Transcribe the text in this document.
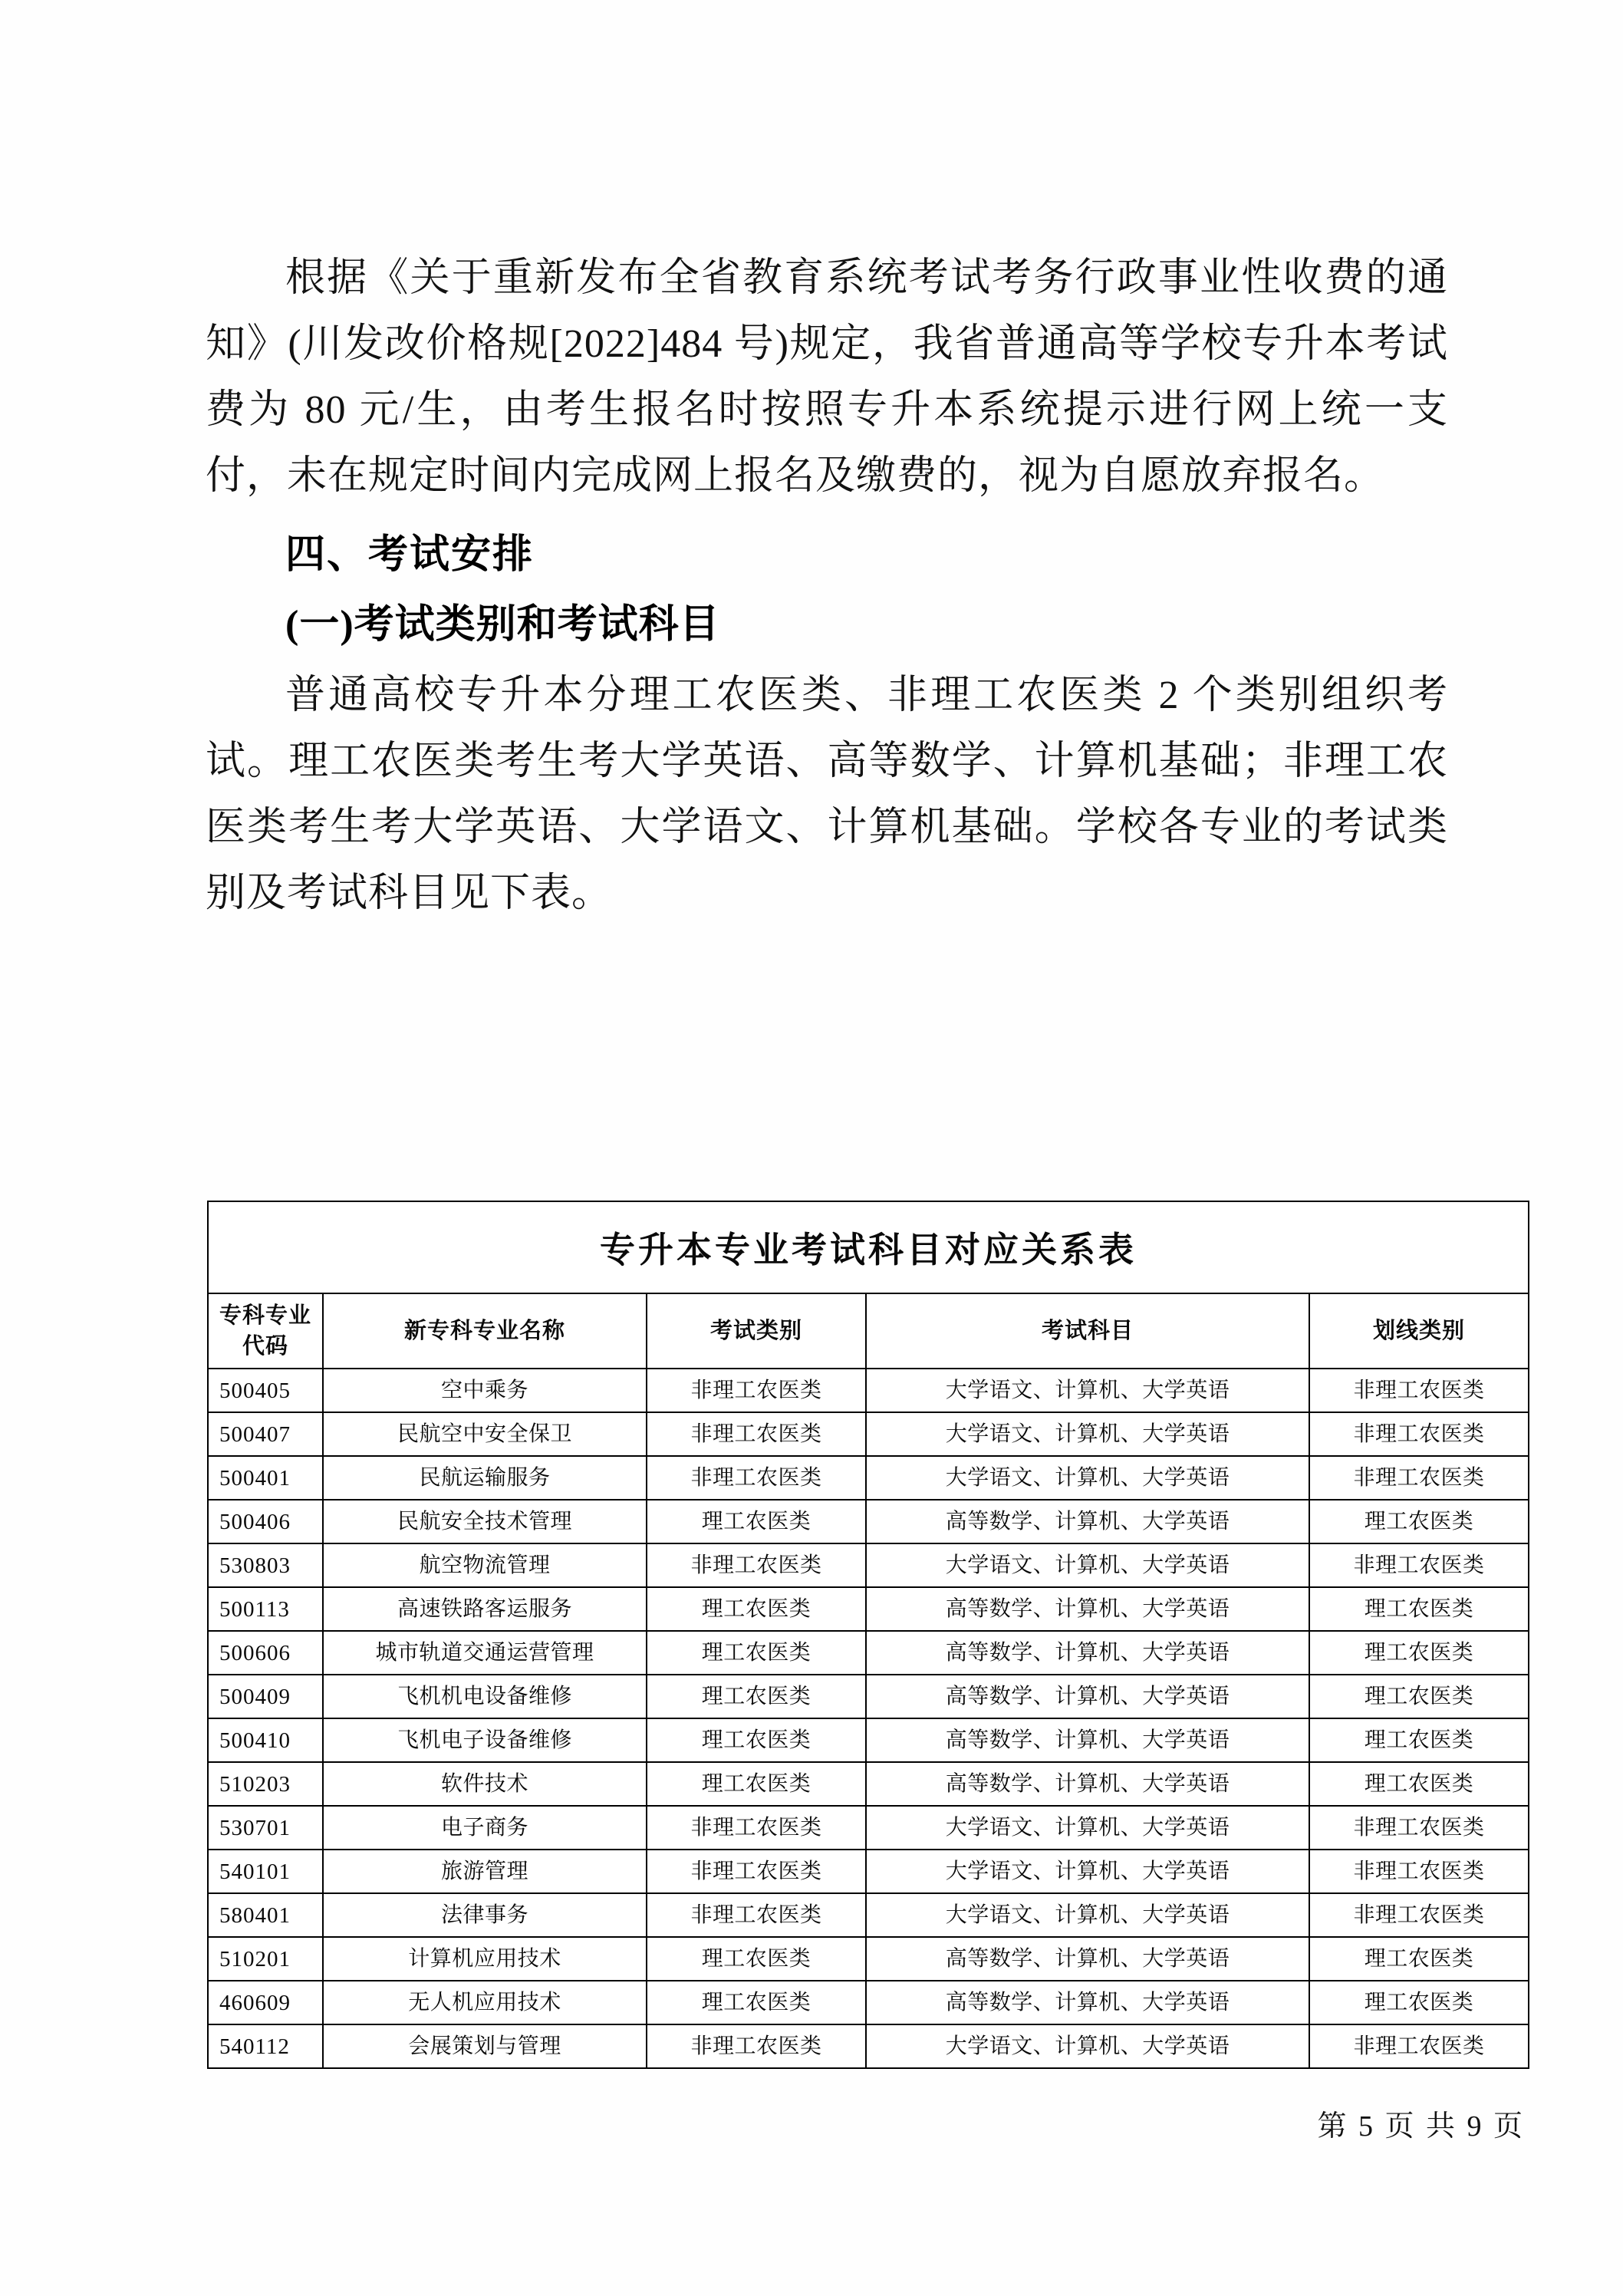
根据《关于重新发布全省教育系统考试考务行政事业性收费的通知》(川发改价格规[2022]484 号)规定，我省普通高等学校专升本考试费为 80 元/生，由考生报名时按照专升本系统提示进行网上统一支付，未在规定时间内完成网上报名及缴费的，视为自愿放弃报名。

四、考试安排
(一)考试类别和考试科目

普通高校专升本分理工农医类、非理工农医类 2 个类别组织考试。理工农医类考生考大学英语、高等数学、计算机基础；非理工农医类考生考大学英语、大学语文、计算机基础。学校各专业的考试类别及考试科目见下表。

专升本专业考试科目对应关系表				
专科专业代码	新专科专业名称	考试类别	考试科目	划线类别
500405	空中乘务	非理工农医类	大学语文、计算机、大学英语	非理工农医类
500407	民航空中安全保卫	非理工农医类	大学语文、计算机、大学英语	非理工农医类
500401	民航运输服务	非理工农医类	大学语文、计算机、大学英语	非理工农医类
500406	民航安全技术管理	理工农医类	高等数学、计算机、大学英语	理工农医类
530803	航空物流管理	非理工农医类	大学语文、计算机、大学英语	非理工农医类
500113	高速铁路客运服务	理工农医类	高等数学、计算机、大学英语	理工农医类
500606	城市轨道交通运营管理	理工农医类	高等数学、计算机、大学英语	理工农医类
500409	飞机机电设备维修	理工农医类	高等数学、计算机、大学英语	理工农医类
500410	飞机电子设备维修	理工农医类	高等数学、计算机、大学英语	理工农医类
510203	软件技术	理工农医类	高等数学、计算机、大学英语	理工农医类
530701	电子商务	非理工农医类	大学语文、计算机、大学英语	非理工农医类
540101	旅游管理	非理工农医类	大学语文、计算机、大学英语	非理工农医类
580401	法律事务	非理工农医类	大学语文、计算机、大学英语	非理工农医类
510201	计算机应用技术	理工农医类	高等数学、计算机、大学英语	理工农医类
460609	无人机应用技术	理工农医类	高等数学、计算机、大学英语	理工农医类
540112	会展策划与管理	非理工农医类	大学语文、计算机、大学英语	非理工农医类
第 5 页 共 9 页
